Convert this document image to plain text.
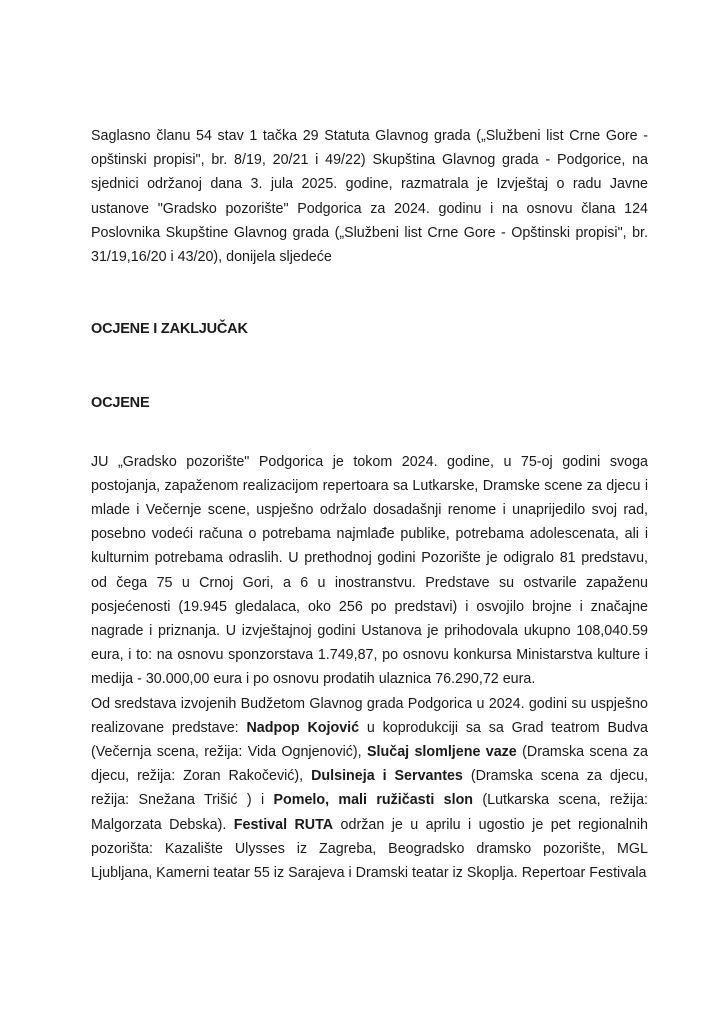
Saglasno članu 54 stav 1 tačka 29 Statuta Glavnog grada („Službeni list Crne Gore - opštinski propisi", br. 8/19, 20/21 i 49/22) Skupština Glavnog grada - Podgorice, na sjednici održanoj dana 3. jula 2025. godine, razmatrala je Izvještaj o radu Javne ustanove "Gradsko pozorište" Podgorica za 2024. godinu i na osnovu člana 124 Poslovnika Skupštine Glavnog grada („Službeni list Crne Gore - Opštinski propisi", br. 31/19,16/20 i 43/20), donijela sljedeće

OCJENE I ZAKLJUČAK

OCJENE

JU „Gradsko pozorište" Podgorica je tokom 2024. godine, u 75-oj godini svoga postojanja, zapaženom realizacijom repertoara sa Lutkarske, Dramske scene za djecu i mlade i Večernje scene, uspješno održalo dosadašnji renome i unaprijedilo svoj rad, posebno vodeći računa o potrebama najmlađe publike, potrebama adolescenata, ali i kulturnim potrebama odraslih. U prethodnoj godini Pozorište je odigralo 81 predstavu, od čega 75 u Crnoj Gori, a 6 u inostranstvu. Predstave su ostvarile zapaženu posjećenosti (19.945 gledalaca, oko 256 po predstavi) i osvojilo brojne i značajne nagrade i priznanja. U izvještajnoj godini Ustanova je prihodovala ukupno 108,040.59 eura, i to: na osnovu sponzorstava 1.749,87, po osnovu konkursa Ministarstva kulture i medija - 30.000,00 eura i po osnovu prodatih ulaznica 76.290,72 eura.

Od sredstava izvojenih Budžetom Glavnog grada Podgorica u 2024. godini su uspješno realizovane predstave: Nadpop Kojović u koprodukciji sa sa Grad teatrom Budva (Večernja scena, režija: Vida Ognjenović), Slučaj slomljene vaze (Dramska scena za djecu, režija: Zoran Rakočević), Dulsineja i Servantes (Dramska scena za djecu, režija: Snežana Trišić ) i Pomelo, mali ružičasti slon (Lutkarska scena, režija: Malgorzata Debska). Festival RUTA održan je u aprilu i ugostio je pet regionalnih pozorišta: Kazalište Ulysses iz Zagreba, Beogradsko dramsko pozorište, MGL Ljubljana, Kamerni teatar 55 iz Sarajeva i Dramski teatar iz Skoplja. Repertoar Festivala
